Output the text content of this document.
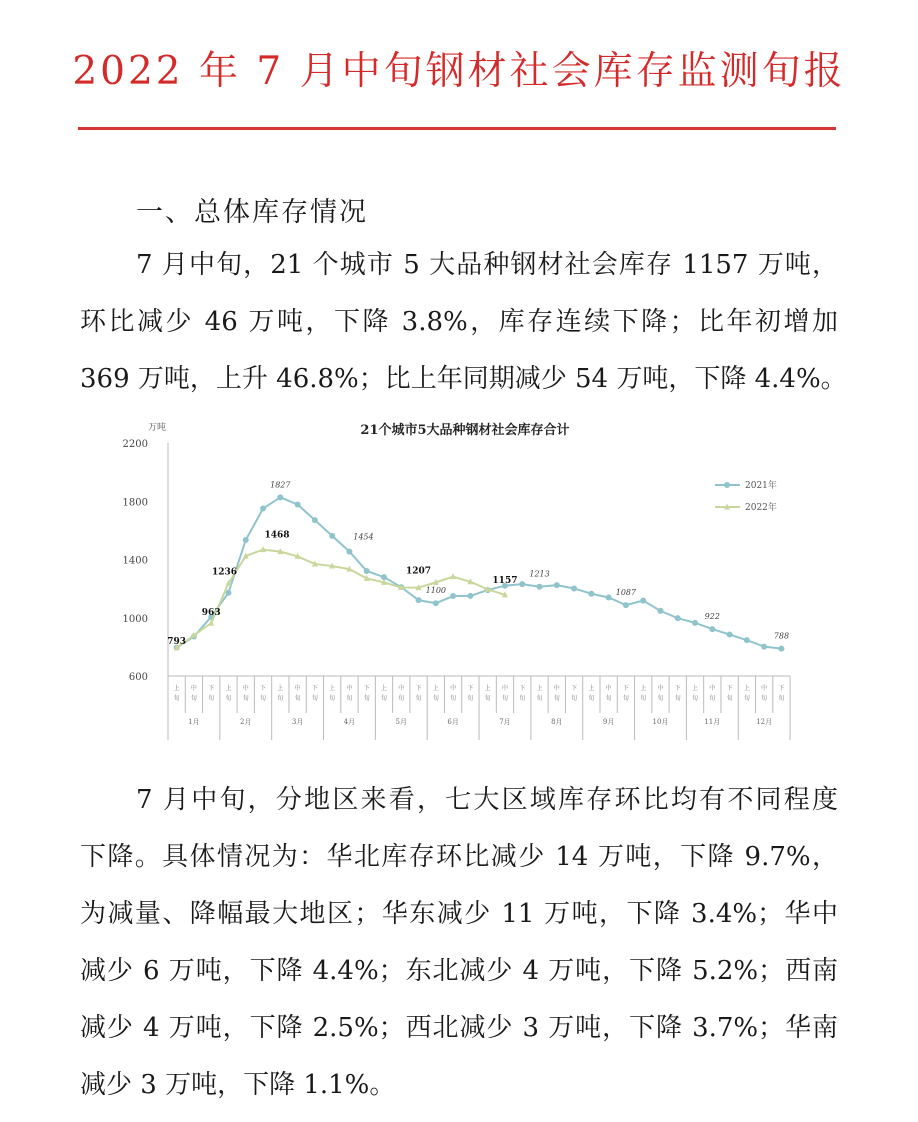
2022 年 7 月中旬钢材社会库存监测旬报
一、总体库存情况
7 月中旬，21 个城市 5 大品种钢材社会库存 1157 万吨，
环比减少 46 万吨，下降 3.8%，库存连续下降；比年初增加
369 万吨，上升 46.8%；比上年同期减少 54 万吨，下降 4.4%。
21个城市5大品种钢材社会库存合计
万吨
2200
1800
1400
1000
600
上
旬
中
旬
下
旬
上
旬
中
旬
下
旬
上
旬
中
旬
下
旬
上
旬
中
旬
下
旬
上
旬
中
旬
下
旬
上
旬
中
旬
下
旬
上
旬
中
旬
下
旬
上
旬
中
旬
下
旬
上
旬
中
旬
下
旬
上
旬
中
旬
下
旬
上
旬
中
旬
下
旬
上
旬
中
旬
下
旬
1月	2月	3月	4月	5月	6月	7月	8月	9月	10月	11月	12月
1827
1454
1100
1213
1087
922
788
2021年
793
963
1236
1468
1207
1157
2022年
7 月中旬，分地区来看，七大区域库存环比均有不同程度
下降。具体情况为：华北库存环比减少 14 万吨，下降 9.7%，
为减量、降幅最大地区；华东减少 11 万吨，下降 3.4%；华中
减少 6 万吨，下降 4.4%；东北减少 4 万吨，下降 5.2%；西南
减少 4 万吨，下降 2.5%；西北减少 3 万吨，下降 3.7%；华南
减少 3 万吨，下降 1.1%。
